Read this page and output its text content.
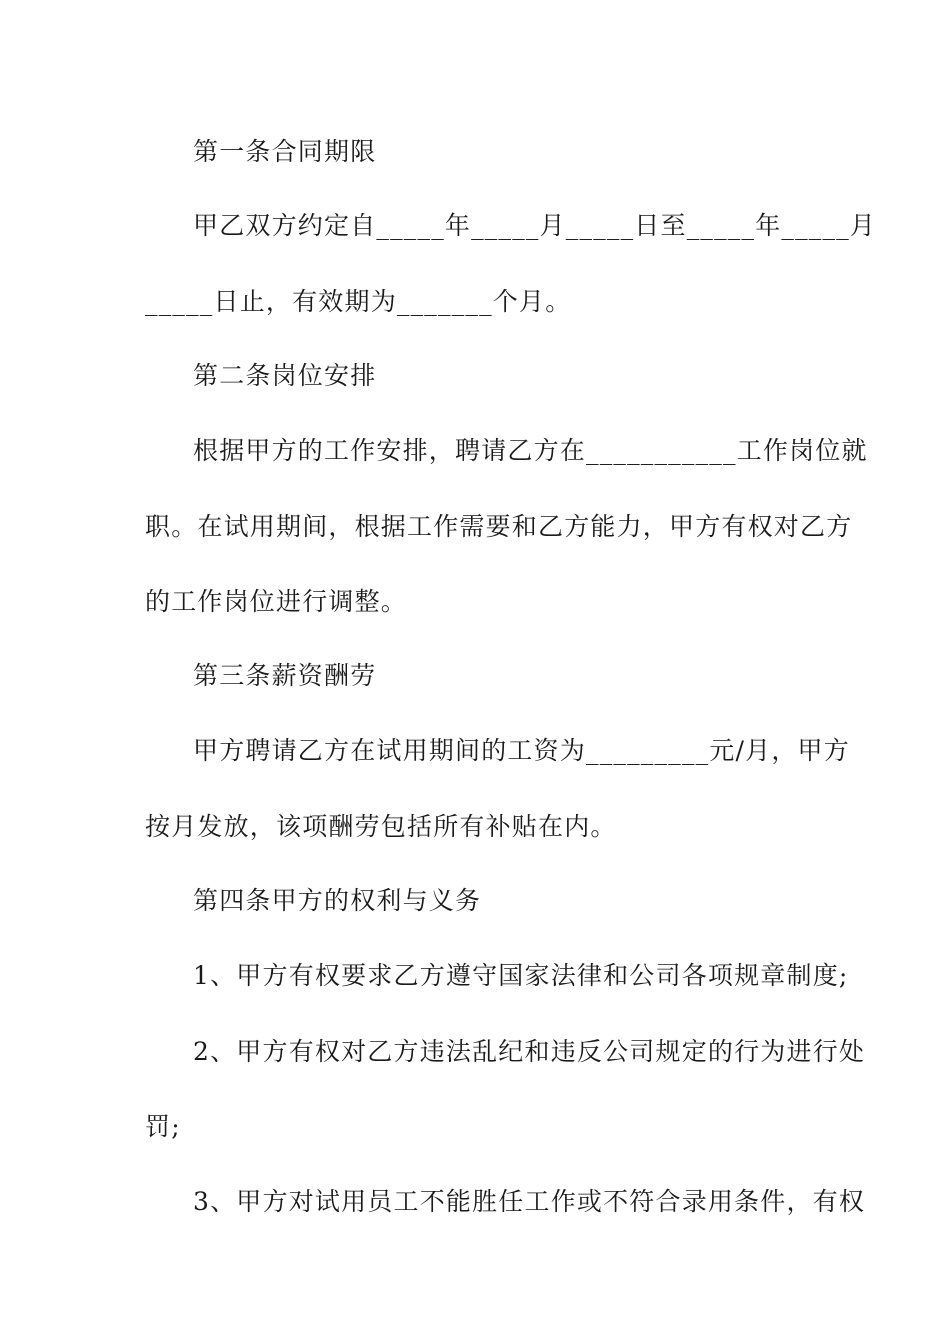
第一条合同期限
甲乙双方约定自_____年_____月_____日至_____年_____月
_____日止，有效期为_______个月。
第二条岗位安排
根据甲方的工作安排，聘请乙方在___________工作岗位就
职。在试用期间，根据工作需要和乙方能力，甲方有权对乙方
的工作岗位进行调整。
第三条薪资酬劳
甲方聘请乙方在试用期间的工资为_________元/月，甲方
按月发放，该项酬劳包括所有补贴在内。
第四条甲方的权利与义务
1、甲方有权要求乙方遵守国家法律和公司各项规章制度;
2、甲方有权对乙方违法乱纪和违反公司规定的行为进行处
罚;
3、甲方对试用员工不能胜任工作或不符合录用条件，有权
